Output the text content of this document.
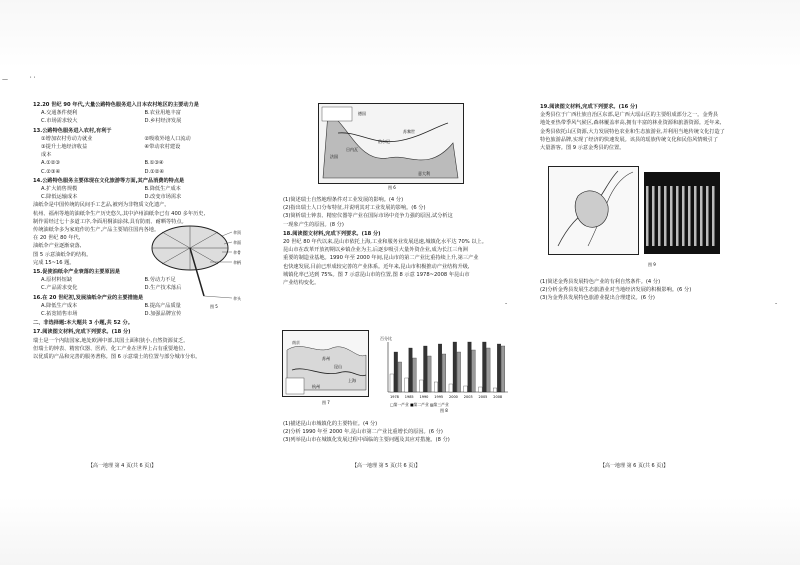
—
ˌ ˌ
-	-
12.20 世纪 90 年代,大量公路特色服务进入日本农村地区的主要动力是
A.交通条件便利	B.农业用地丰富
C.市场需求较大	D.乡村经济发展
13.公路特色服务进入农村,有利于
①增加农村劳动力就业	②吸收外地人口流动
③提升土地经济收益	④带动农村建设
成本
A.①②③	B.①③④
C.②③④	D.①②④
14.公路特色服务主要体现在文化旅游等方面,其产品消费的特点是
A.扩大销售规模	B.降低生产成本
C.降低运输成本	D.改变市场需求
油纸伞是中国传统的民间手工艺品,被列为非物质文化遗产。
杭州、福州等地的油纸伞生产历史悠久,其中泸州油纸伞已有 400 多年历史,
制作需经过七十多道工序,伞面用桐油涂抹,具有防雨、耐晒等特点。
传统油纸伞多为家庭作坊生产,产品主要销往国内各地。
在 20 世纪 80 年代,
油纸伞产业逐渐衰落,
图 5 示意油纸伞的结构。
完成 15~16 题。
15.促使油纸伞产业衰落的主要原因是
A.原材料短缺	B.劳动力不足
C.产品需求变化	D.生产技术落后
16.在 20 世纪初,发展油纸伞产业的主要措施是
A.降低生产成本	B.提高产品质量
C.拓宽销售市场	D.加强品牌宣传
二、非选择题:本大题共 3 小题,共 52 分。
17.阅读图文材料,完成下列要求。(18 分)
瑞士是一个内陆国家,地处欧洲中部,其国土面积狭小,自然资源贫乏。
但瑞士的钟表、精密仪器、医药、化工产业在世界上占有重要地位,
以优质的产品和完善的服务著称。图 6 示意瑞士的位置与部分城市分布。
伞顶
伞面
伞骨
伞柄
伞头
图 5
【高一地理 第 4 页(共 6 页)】
德国
法国
意大利
苏黎世
日内瓦
伯尔尼
图 6
(1)简述瑞士自然地理条件对工业发展的影响。(4 分)
(2)指出瑞士人口分布特征,并说明其对工业发展的影响。(6 分)
(3)简析瑞士钟表、精密仪器等产业在国际市场中竞争力强的原因,试分析这
一现象产生的原因。(8 分)
18.阅读图文材料,完成下列要求。(18 分)
20 世纪 80 年代以来,昆山市依托上海,工业和服务业发展迅速,城镇化水平达 70% 以上。
昆山市在改革开放初期以乡镇企业为主,后逐步吸引大量外资企业,成为长江三角洲
重要的制造业基地。1990 年至 2000 年间,昆山市的第二产业比重持续上升,第三产业
也快速发展,目前已形成较完善的产业体系。近年来,昆山市积极推动产业结构升级,
城镇化率已达到 75%。图 7 示意昆山市的位置,图 8 示意 1978~2008 年昆山市
产业结构变化。
南京
苏州
昆山
上海
杭州
图 7
百分比
1978 1985 1990 1995 2000 2003 2005 2008
□第一产业 ■第二产业 ▨第三产业
图 8
(1)描述昆山市城镇化的主要特征。(4 分)
(2)分析 1990 年至 2000 年,昆山市第二产业比重增长的原因。(6 分)
(3)列举昆山市在城镇化发展过程中面临的主要问题及其应对措施。(8 分)
【高一地理 第 5 页(共 6 页)】
19.阅读图文材料,完成下列要求。(16 分)
金秀县位于广西壮族自治区东部,是广西大瑶山区的主要组成部分之一。金秀县
地处亚热带季风气候区,森林覆盖率高,拥有丰富的林业资源和旅游资源。近年来,
金秀县依托山区资源,大力发展特色农业和生态旅游业,并利用当地传统文化打造了
特色旅游品牌,实现了经济的快速发展。该县的瑶族传统文化和民俗风情吸引了
大量游客。图 9 示意金秀县的位置。
图 9
(1)简述金秀县发展特色产业的有利自然条件。(4 分)
(2)分析金秀县发展生态旅游业对当地经济发展的积极影响。(6 分)
(3)为金秀县发展特色旅游业提出合理建议。(6 分)
【高一地理 第 6 页(共 6 页)】
